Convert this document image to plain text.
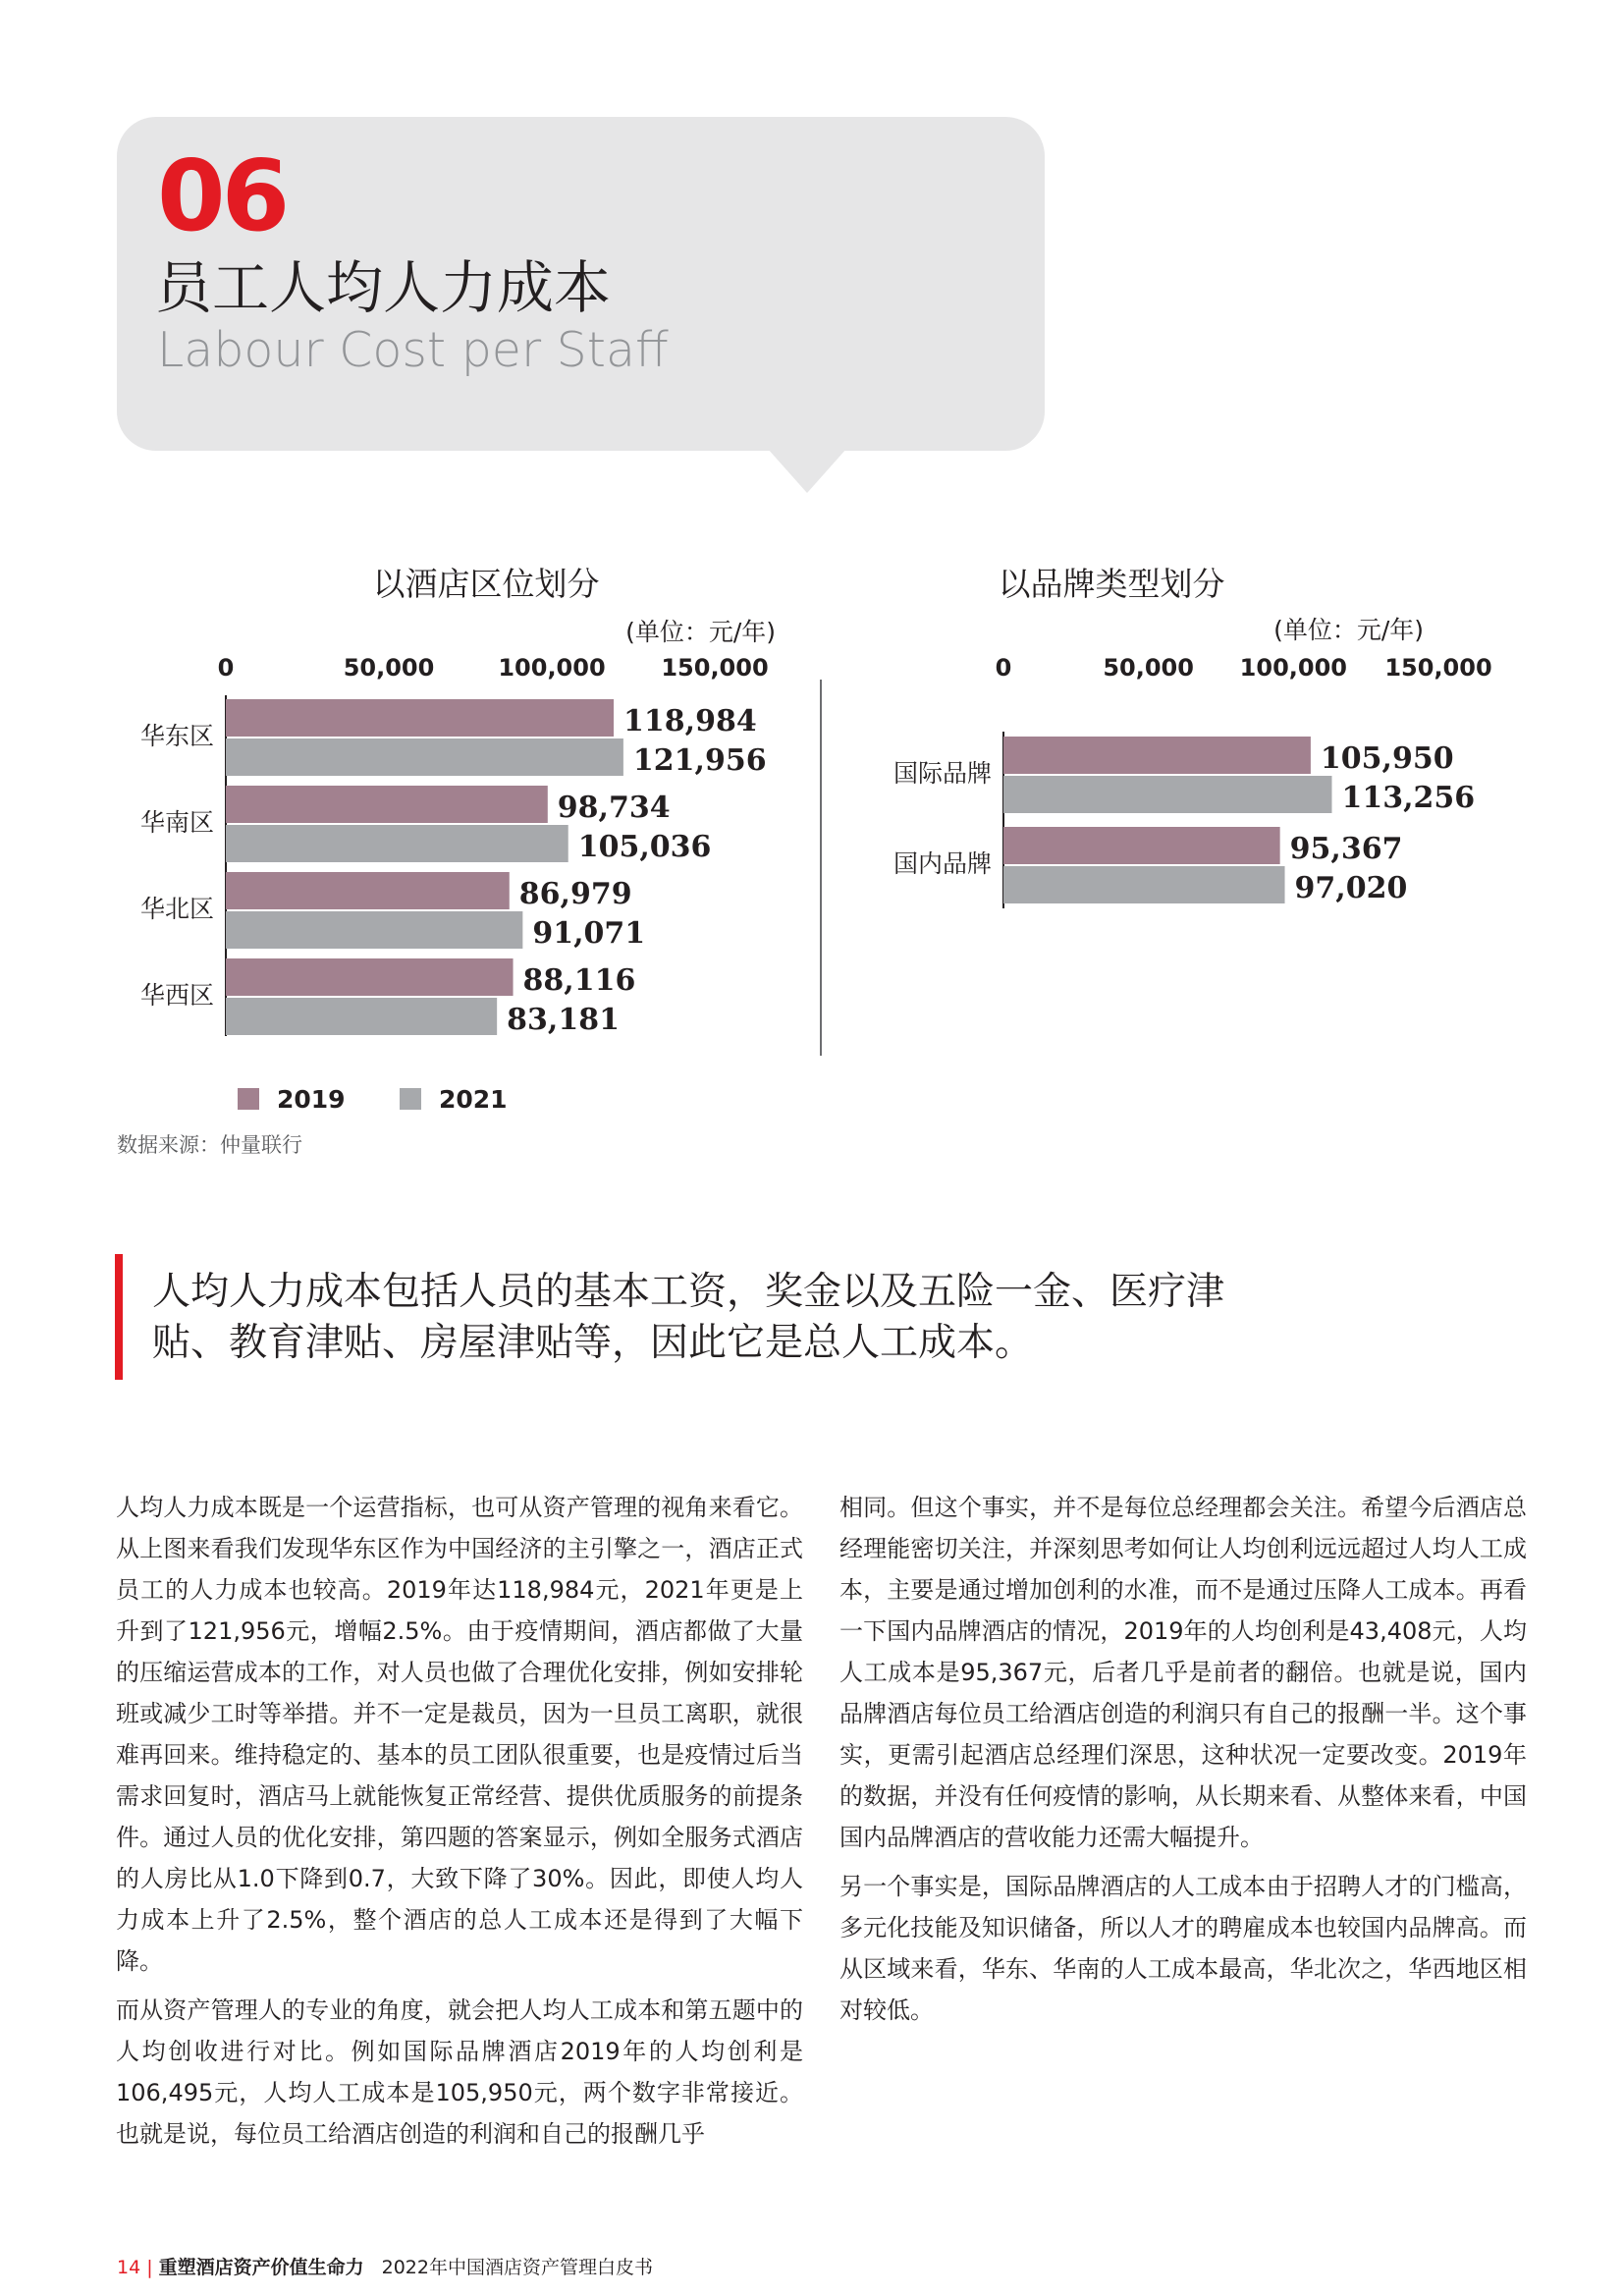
06
员工人均人力成本
Labour Cost per Staff
以酒店区位划分
(单位：元/年)
0	50,000	100,000 150,000
华东区	118,984
121,956
华南区	98,734
105,036
华北区	86,979
91,071
华西区	88,116
83,181
以品牌类型划分
(单位：元/年)
0	50,000 100,000 150,000
国际品牌	105,950
113,256
国内品牌	95,367
97,020
2019	2021
数据来源：仲量联行
人均人力成本包括人员的基本工资，奖金以及五险一金、医疗津贴、教育津贴、房屋津贴等，因此它是总人工成本。

人均人力成本既是一个运营指标，也可从资产管理的视角来看它。从上图来看我们发现华东区作为中国经济的主引擎之一，酒店正式员工的人力成本也较高。2019年达118,984元，2021年更是上升到了121,956元，增幅2.5%。由于疫情期间，酒店都做了大量的压缩运营成本的工作，对人员也做了合理优化安排，例如安排轮班或减少工时等举措。并不一定是裁员，因为一旦员工离职，就很难再回来。维持稳定的、基本的员工团队很重要，也是疫情过后当需求回复时，酒店马上就能恢复正常经营、提供优质服务的前提条件。通过人员的优化安排，第四题的答案显示，例如全服务式酒店的人房比从1.0下降到0.7，大致下降了30%。因此，即使人均人力成本上升了2.5%，整个酒店的总人工成本还是得到了大幅下降。

而从资产管理人的专业的角度，就会把人均人工成本和第五题中的人均创收进行对比。例如国际品牌酒店2019年的人均创利是106,495元，人均人工成本是105,950元，两个数字非常接近。也就是说，每位员工给酒店创造的利润和自己的报酬几乎

相同。但这个事实，并不是每位总经理都会关注。希望今后酒店总经理能密切关注，并深刻思考如何让人均创利远远超过人均人工成本，主要是通过增加创利的水准，而不是通过压降人工成本。再看一下国内品牌酒店的情况，2019年的人均创利是43,408元，人均人工成本是95,367元，后者几乎是前者的翻倍。也就是说，国内品牌酒店每位员工给酒店创造的利润只有自己的报酬一半。这个事实，更需引起酒店总经理们深思，这种状况一定要改变。2019年的数据，并没有任何疫情的影响，从长期来看、从整体来看，中国国内品牌酒店的营收能力还需大幅提升。

另一个事实是，国际品牌酒店的人工成本由于招聘人才的门槛高，多元化技能及知识储备，所以人才的聘雇成本也较国内品牌高。而从区域来看，华东、华南的人工成本最高，华北次之，华西地区相对较低。

14 | 重塑酒店资产价值生命力 2022年中国酒店资产管理白皮书
